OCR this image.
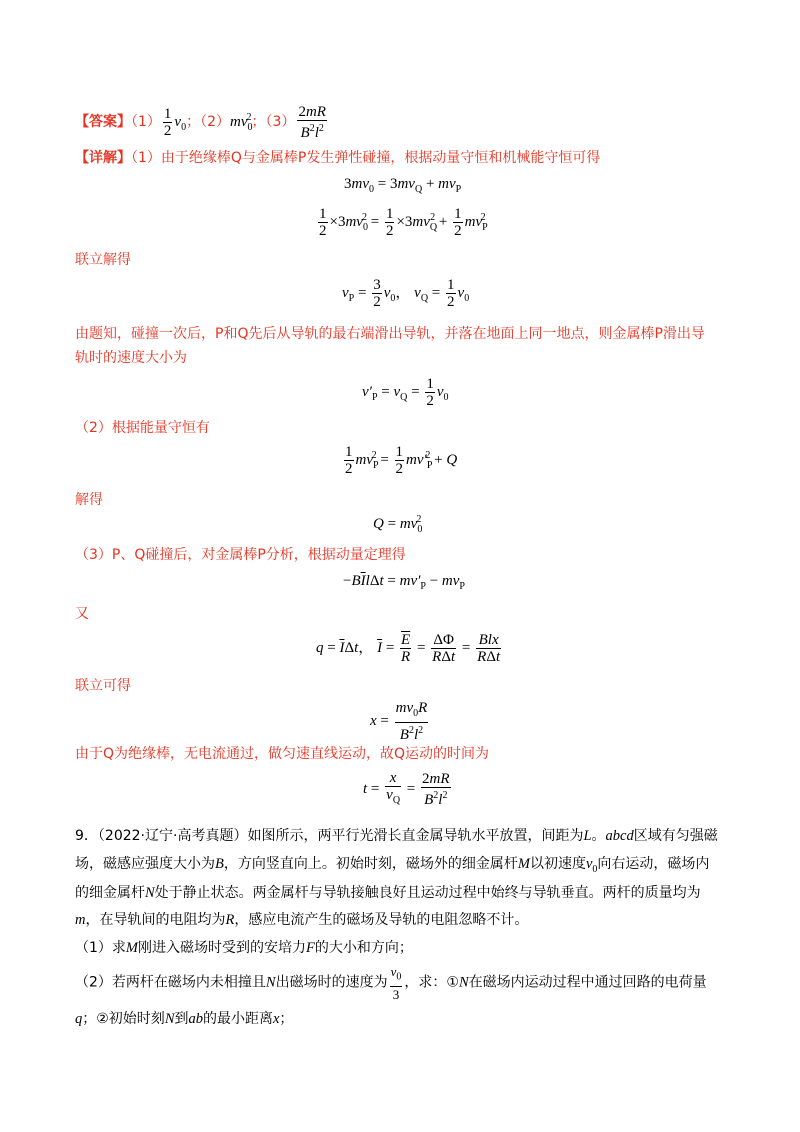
【答案】$(1) \frac{1}{2} v_0$；$(2)mv_0^2$；$(3) \frac{2mR}{B^2l^2}$
【详解】（1）由于绝缘棒Q与金属棒P发生弹性碰撞，根据动量守恒和机械能守恒可得
$3mv_0 = 3mv_Q + mv_P$
$\frac{1}{2} \times 3mv_0^2 = \frac{1}{2} \times 3mv_Q^2 + \frac{1}{2} mv_P^2$
联立解得
$v_P = \frac{3}{2} v_0$， $v_Q = \frac{1}{2} v_0$
由题知，碰撞一次后，P和Q先后从导轨的最右端滑出导轨，并落在地面上同一地点，则金属棒P滑出导
轨时的速度大小为
$v'_P = v_Q = \frac{1}{2} v_0$
（2）根据能量守恒有
$\frac{1}{2} mv_P^2 = \frac{1}{2} mv'_P^2 + Q$
解得
$Q = mv_0^2$
（3）P、Q碰撞后，对金属棒P分析，根据动量定理得
$-B\overline{I}l\Delta t = mv'_P - mv_P$
又
$q = \overline{I}\Delta t$， $\overline{I} = \frac{\overline{E}}{R} = \frac{\Delta\Phi}{\text{RΔt}} = \frac{\text{Blx}}{\text{RΔt}}$
联立可得
$x = \frac{mv_0R}{B^2l^2}$
由于Q为绝缘棒，无电流通过，做匀速直线运动，故Q运动的时间为
$t = \frac{x}{v_Q} = \frac{2mR}{B^2l^2}$
9．（2022·辽宁·高考真题）如图所示，两平行光滑长直金属导轨水平放置，间距为L。abcd区域有匀强磁
场，磁感应强度大小为B，方向竖直向上。初始时刻，磁场外的细金属杆M以初速度$v_0$向右运动，磁场内
的细金属杆N处于静止状态。两金属杆与导轨接触良好且运动过程中始终与导轨垂直。两杆的质量均为
m，在导轨间的电阻均为R，感应电流产生的磁场及导轨的电阻忽略不计。
（1）求M刚进入磁场时受到的安培力F的大小和方向；
（2）若两杆在磁场内未相撞且N出磁场时的速度为 $\frac{v_0}{3}$ ，求：①N在磁场内运动过程中通过回路的电荷量
q；②初始时刻N到ab的最小距离x；
